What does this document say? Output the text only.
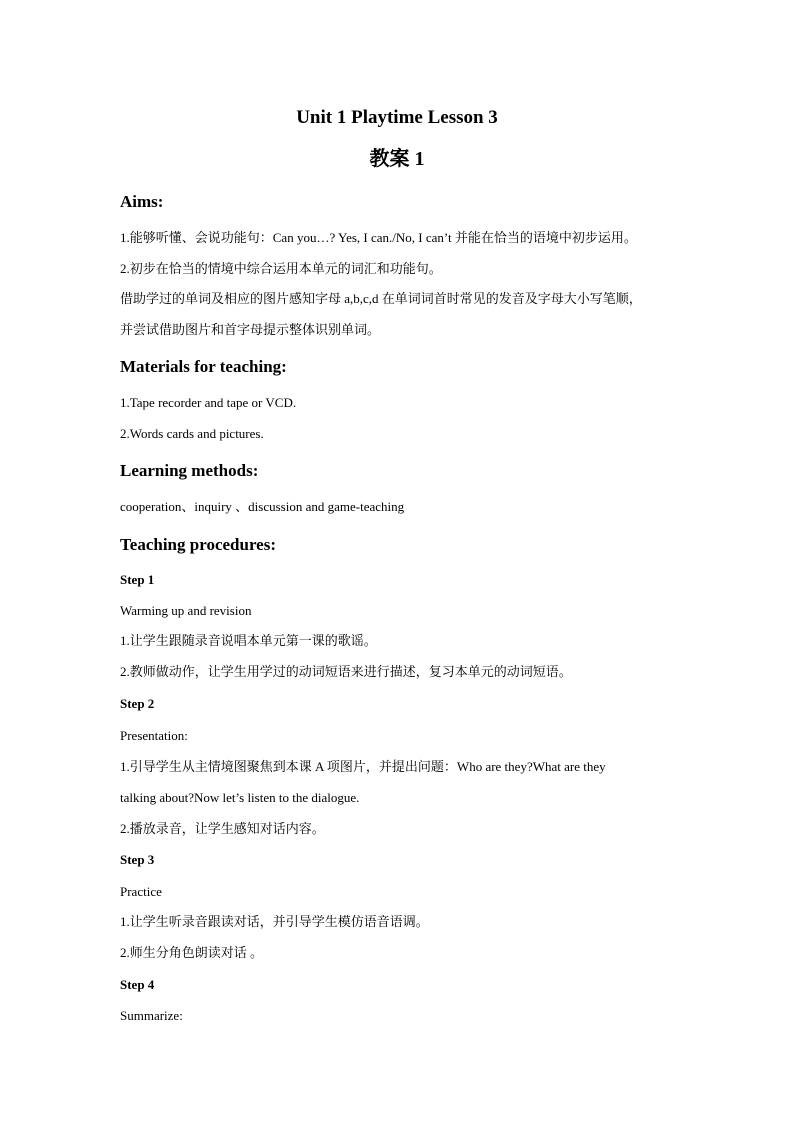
Unit 1 Playtime Lesson 3
教案 1
Aims:
1.能够听懂、会说功能句：Can you…? Yes, I can./No, I can’t 并能在恰当的语境中初步运用。
2.初步在恰当的情境中综合运用本单元的词汇和功能句。
借助学过的单词及相应的图片感知字母 a,b,c,d 在单词词首时常见的发音及字母大小写笔顺，
并尝试借助图片和首字母提示整体识别单词。
Materials for teaching:
1.Tape recorder and tape or VCD.
2.Words cards and pictures.
Learning methods:
cooperation、inquiry 、discussion and game-teaching
Teaching procedures:
Step 1
Warming up and revision
1.让学生跟随录音说唱本单元第一课的歌谣。
2.教师做动作，让学生用学过的动词短语来进行描述，复习本单元的动词短语。
Step 2
Presentation:
1.引导学生从主情境图聚焦到本课 A 项图片，并提出问题：Who are they?What are they
talking about?Now let’s listen to the dialogue.
2.播放录音，让学生感知对话内容。
Step 3
Practice
1.让学生听录音跟读对话，并引导学生模仿语音语调。
2.师生分角色朗读对话 。
Step 4
Summarize:
